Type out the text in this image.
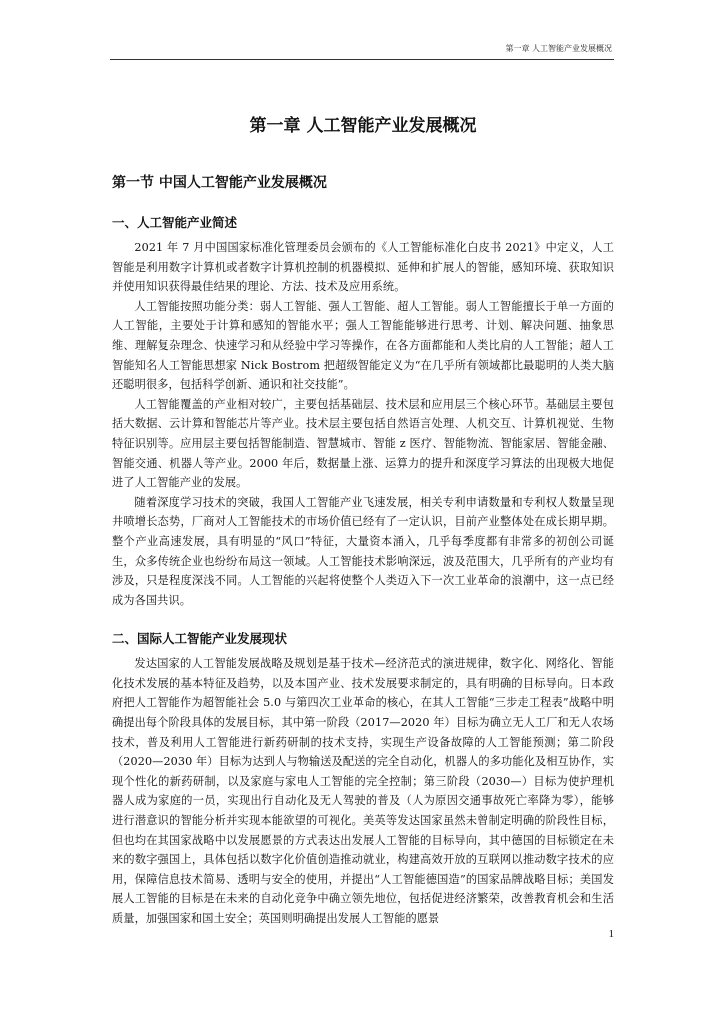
第一章 人工智能产业发展概况
第一章 人工智能产业发展概况
第一节 中国人工智能产业发展概况
一、人工智能产业简述

2021 年 7 月中国国家标准化管理委员会颁布的《人工智能标准化白皮书 2021》中定义，人工智能是利用数字计算机或者数字计算机控制的机器模拟、延伸和扩展人的智能，感知环境、获取知识并使用知识获得最佳结果的理论、方法、技术及应用系统。

人工智能按照功能分类：弱人工智能、强人工智能、超人工智能。弱人工智能擅长于单一方面的人工智能，主要处于计算和感知的智能水平；强人工智能能够进行思考、计划、解决问题、抽象思维、理解复杂理念、快速学习和从经验中学习等操作，在各方面都能和人类比肩的人工智能；超人工智能知名人工智能思想家 Nick Bostrom 把超级智能定义为“在几乎所有领域都比最聪明的人类大脑还聪明很多，包括科学创新、通识和社交技能”。

人工智能覆盖的产业相对较广，主要包括基础层、技术层和应用层三个核心环节。基础层主要包括大数据、云计算和智能芯片等产业。技术层主要包括自然语言处理、人机交互、计算机视觉、生物特征识别等。应用层主要包括智能制造、智慧城市、智能 z 医疗、智能物流、智能家居、智能金融、智能交通、机器人等产业。2000 年后，数据量上涨、运算力的提升和深度学习算法的出现极大地促进了人工智能产业的发展。

随着深度学习技术的突破，我国人工智能产业飞速发展，相关专利申请数量和专利权人数量呈现井喷增长态势，厂商对人工智能技术的市场价值已经有了一定认识，目前产业整体处在成长期早期。整个产业高速发展，具有明显的“风口”特征，大量资本涌入，几乎每季度都有非常多的初创公司诞生，众多传统企业也纷纷布局这一领域。人工智能技术影响深远，波及范围大，几乎所有的产业均有涉及，只是程度深浅不同。人工智能的兴起将使整个人类迈入下一次工业革命的浪潮中，这一点已经成为各国共识。

二、国际人工智能产业发展现状

发达国家的人工智能发展战略及规划是基于技术—经济范式的演进规律，数字化、网络化、智能化技术发展的基本特征及趋势，以及本国产业、技术发展要求制定的，具有明确的目标导向。日本政府把人工智能作为超智能社会 5.0 与第四次工业革命的核心，在其人工智能“三步走工程表”战略中明确提出每个阶段具体的发展目标，其中第一阶段（2017—2020 年）目标为确立无人工厂和无人农场技术，普及利用人工智能进行新药研制的技术支持，实现生产设备故障的人工智能预测；第二阶段（2020—2030 年）目标为达到人与物输送及配送的完全自动化，机器人的多功能化及相互协作，实现个性化的新药研制，以及家庭与家电人工智能的完全控制；第三阶段（2030—）目标为使护理机器人成为家庭的一员，实现出行自动化及无人驾驶的普及（人为原因交通事故死亡率降为零），能够进行潜意识的智能分析并实现本能欲望的可视化。美英等发达国家虽然未曾制定明确的阶段性目标，但也均在其国家战略中以发展愿景的方式表达出发展人工智能的目标导向，其中德国的目标锁定在未来的数字强国上，具体包括以数字化价值创造推动就业，构建高效开放的互联网以推动数字技术的应用，保障信息技术简易、透明与安全的使用，并提出“人工智能德国造”的国家品牌战略目标；美国发展人工智能的目标是在未来的自动化竞争中确立领先地位，包括促进经济繁荣，改善教育机会和生活质量，加强国家和国土安全；英国则明确提出发展人工智能的愿景

1
